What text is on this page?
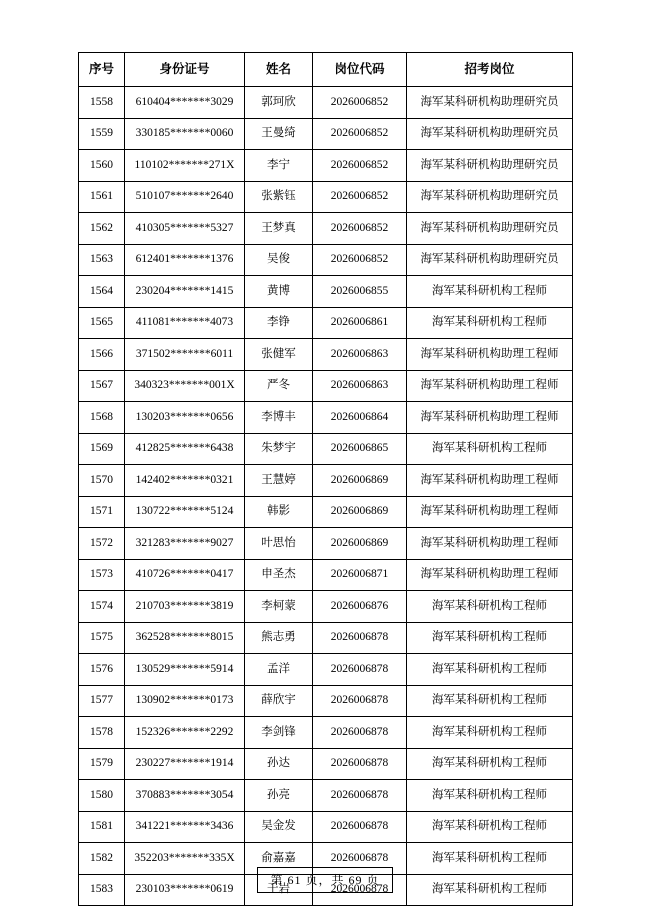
序号	身份证号	姓名	岗位代码	招考岗位
1558	610404*******3029	郭珂欣	2026006852	海军某科研机构助理研究员
1559	330185*******0060	王曼绮	2026006852	海军某科研机构助理研究员
1560	110102*******271X	李宁	2026006852	海军某科研机构助理研究员
1561	510107*******2640	张紫钰	2026006852	海军某科研机构助理研究员
1562	410305*******5327	王梦真	2026006852	海军某科研机构助理研究员
1563	612401*******1376	吴俊	2026006852	海军某科研机构助理研究员
1564	230204*******1415	黄博	2026006855	海军某科研机构工程师
1565	411081*******4073	李铮	2026006861	海军某科研机构工程师
1566	371502*******6011	张健军	2026006863	海军某科研机构助理工程师
1567	340323*******001X	严冬	2026006863	海军某科研机构助理工程师
1568	130203*******0656	李博丰	2026006864	海军某科研机构助理工程师
1569	412825*******6438	朱梦宇	2026006865	海军某科研机构工程师
1570	142402*******0321	王慧婷	2026006869	海军某科研机构助理工程师
1571	130722*******5124	韩影	2026006869	海军某科研机构助理工程师
1572	321283*******9027	叶思怡	2026006869	海军某科研机构助理工程师
1573	410726*******0417	申圣杰	2026006871	海军某科研机构助理工程师
1574	210703*******3819	李柯蒙	2026006876	海军某科研机构工程师
1575	362528*******8015	熊志勇	2026006878	海军某科研机构工程师
1576	130529*******5914	孟洋	2026006878	海军某科研机构工程师
1577	130902*******0173	薛欣宇	2026006878	海军某科研机构工程师
1578	152326*******2292	李剑锋	2026006878	海军某科研机构工程师
1579	230227*******1914	孙达	2026006878	海军某科研机构工程师
1580	370883*******3054	孙亮	2026006878	海军某科研机构工程师
1581	341221*******3436	吴金发	2026006878	海军某科研机构工程师
1582	352203*******335X	俞嘉嘉	2026006878	海军某科研机构工程师
1583	230103*******0619	于岩	2026006878	海军某科研机构工程师
第 61 页，共 69 页
